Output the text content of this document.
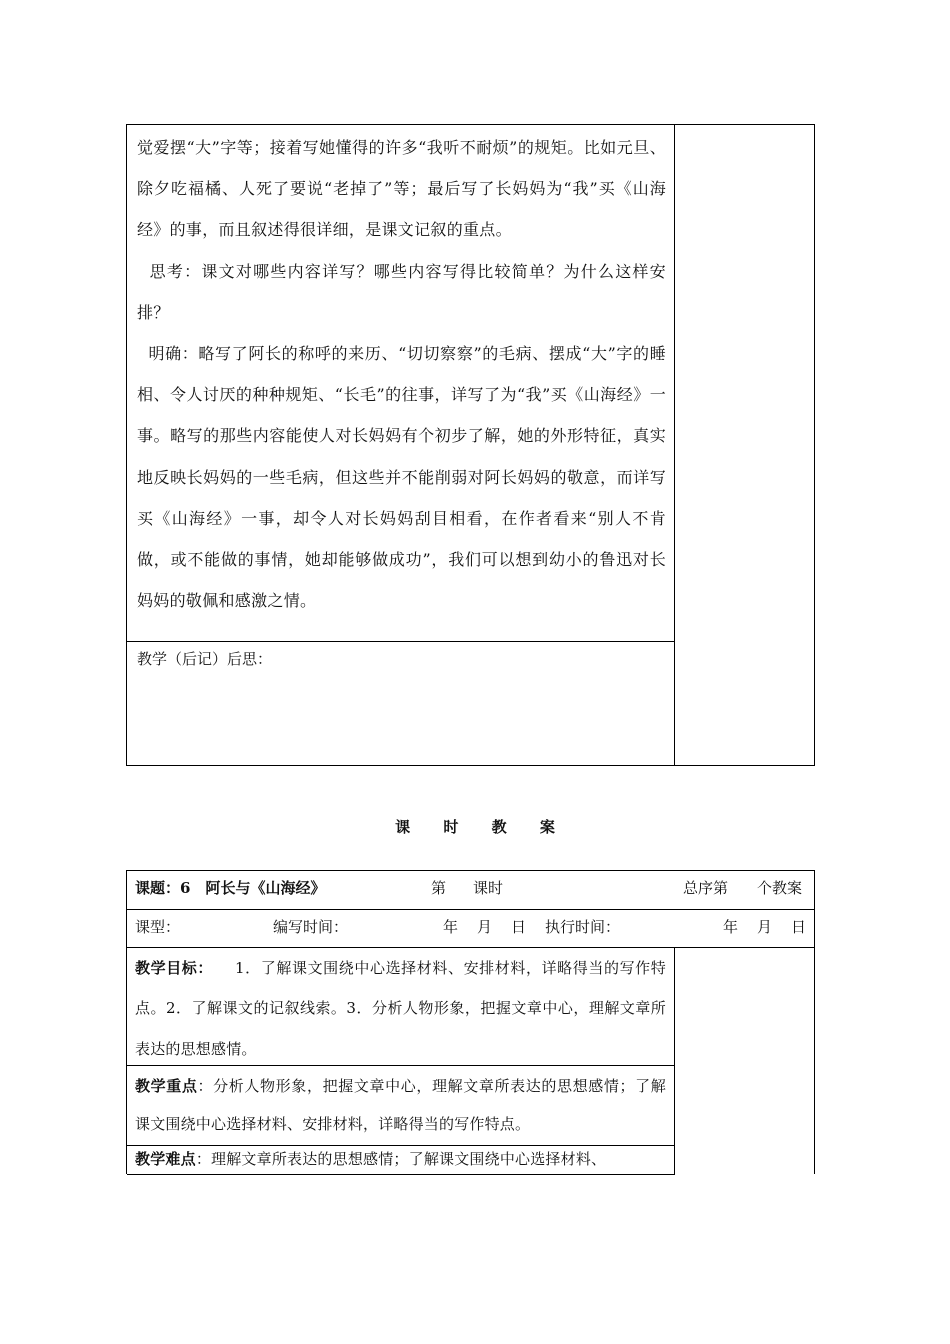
觉爱摆“大”字等；接着写她懂得的许多“我听不耐烦”的规矩。比如元旦、除夕吃福橘、人死了要说“老掉了”等；最后写了长妈妈为“我”买《山海经》的事，而且叙述得很详细，是课文记叙的重点。

思考：课文对哪些内容详写？哪些内容写得比较简单？为什么这样安排？

明确：略写了阿长的称呼的来历、“切切察察”的毛病、摆成“大”字的睡相、令人讨厌的种种规矩、“长毛”的往事，详写了为“我”买《山海经》一事。略写的那些内容能使人对长妈妈有个初步了解，她的外形特征，真实地反映长妈妈的一些毛病，但这些并不能削弱对阿长妈妈的敬意，而详写买《山海经》一事，却令人对长妈妈刮目相看，在作者看来“别人不肯做，或不能做的事情，她却能够做成功”，我们可以想到幼小的鲁迅对长妈妈的敬佩和感激之情。

教学（后记）后思：
课 时 教 案
课题：6　阿长与《山海经》	第 课时	总序第 个教案
课型：	编写时间：	年 月 日 执行时间：	年 月 日

教学目标： 1．了解课文围绕中心选择材料、安排材料，详略得当的写作特点。2．了解课文的记叙线索。3．分析人物形象，把握文章中心，理解文章所表达的思想感情。

教学重点：分析人物形象，把握文章中心，理解文章所表达的思想感情；了解课文围绕中心选择材料、安排材料，详略得当的写作特点。

教学难点：理解文章所表达的思想感情；了解课文围绕中心选择材料、
